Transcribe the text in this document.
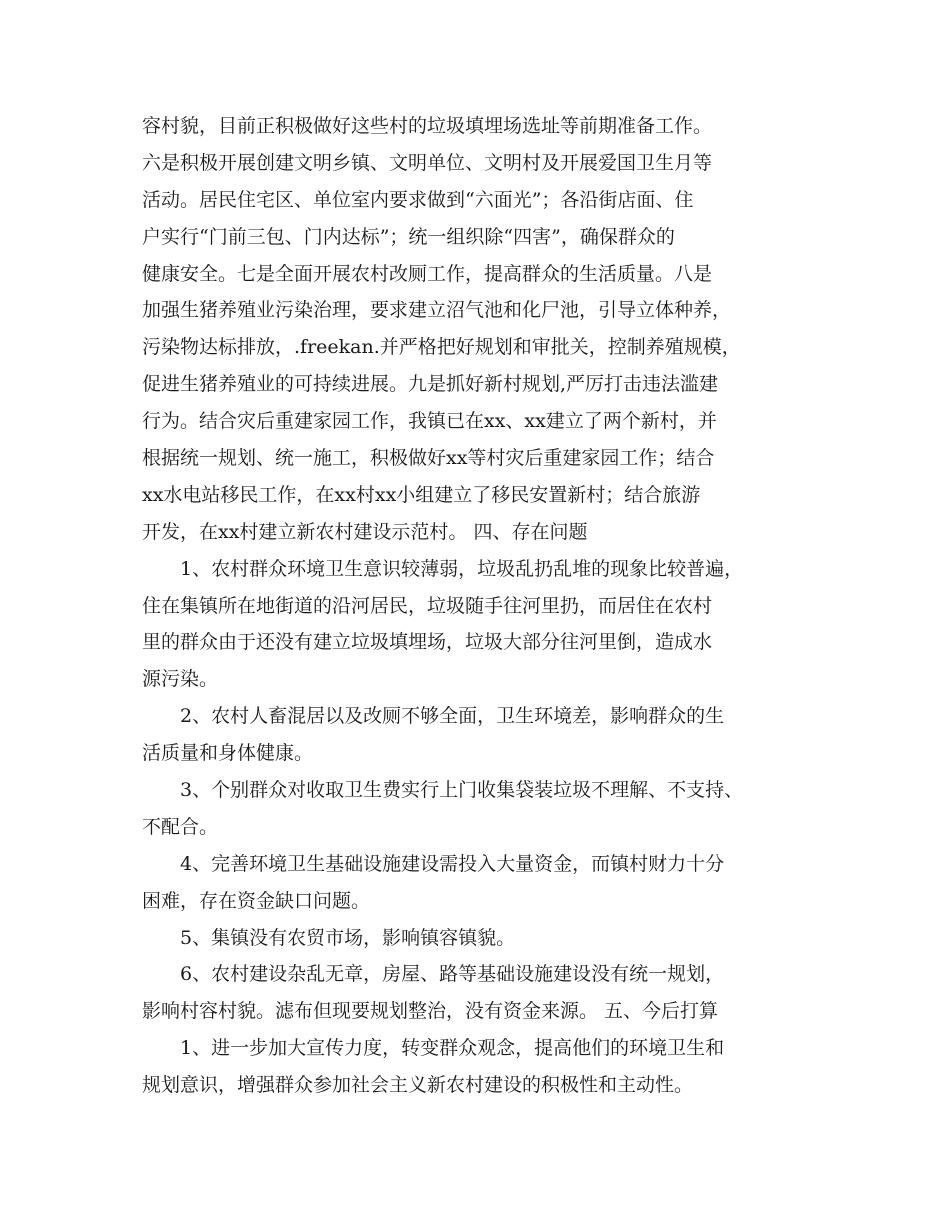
容村貌，目前正积极做好这些村的垃圾填埋场选址等前期准备工作。
六是积极开展创建文明乡镇、文明单位、文明村及开展爱国卫生月等
活动。居民住宅区、单位室内要求做到“六面光”；各沿街店面、住
户实行“门前三包、门内达标”；统一组织除“四害”，确保群众的
健康安全。七是全面开展农村改厕工作，提高群众的生活质量。八是
加强生猪养殖业污染治理，要求建立沼气池和化尸池，引导立体种养，
污染物达标排放，.freekan.并严格把好规划和审批关，控制养殖规模，
促进生猪养殖业的可持续进展。九是抓好新村规划,严厉打击违法滥建
行为。结合灾后重建家园工作，我镇已在xx、xx建立了两个新村，并
根据统一规划、统一施工，积极做好xx等村灾后重建家园工作；结合
xx水电站移民工作，在xx村xx小组建立了移民安置新村；结合旅游
开发，在xx村建立新农村建设示范村。 四、存在问题
1、农村群众环境卫生意识较薄弱，垃圾乱扔乱堆的现象比较普遍，
住在集镇所在地街道的沿河居民，垃圾随手往河里扔，而居住在农村
里的群众由于还没有建立垃圾填埋场，垃圾大部分往河里倒，造成水
源污染。
2、农村人畜混居以及改厕不够全面，卫生环境差，影响群众的生
活质量和身体健康。
3、个别群众对收取卫生费实行上门收集袋装垃圾不理解、不支持、
不配合。
4、完善环境卫生基础设施建设需投入大量资金，而镇村财力十分
困难，存在资金缺口问题。
5、集镇没有农贸市场，影响镇容镇貌。
6、农村建设杂乱无章，房屋、路等基础设施建设没有统一规划，
影响村容村貌。滤布但现要规划整治，没有资金来源。 五、今后打算
1、进一步加大宣传力度，转变群众观念，提高他们的环境卫生和
规划意识，增强群众参加社会主义新农村建设的积极性和主动性。
